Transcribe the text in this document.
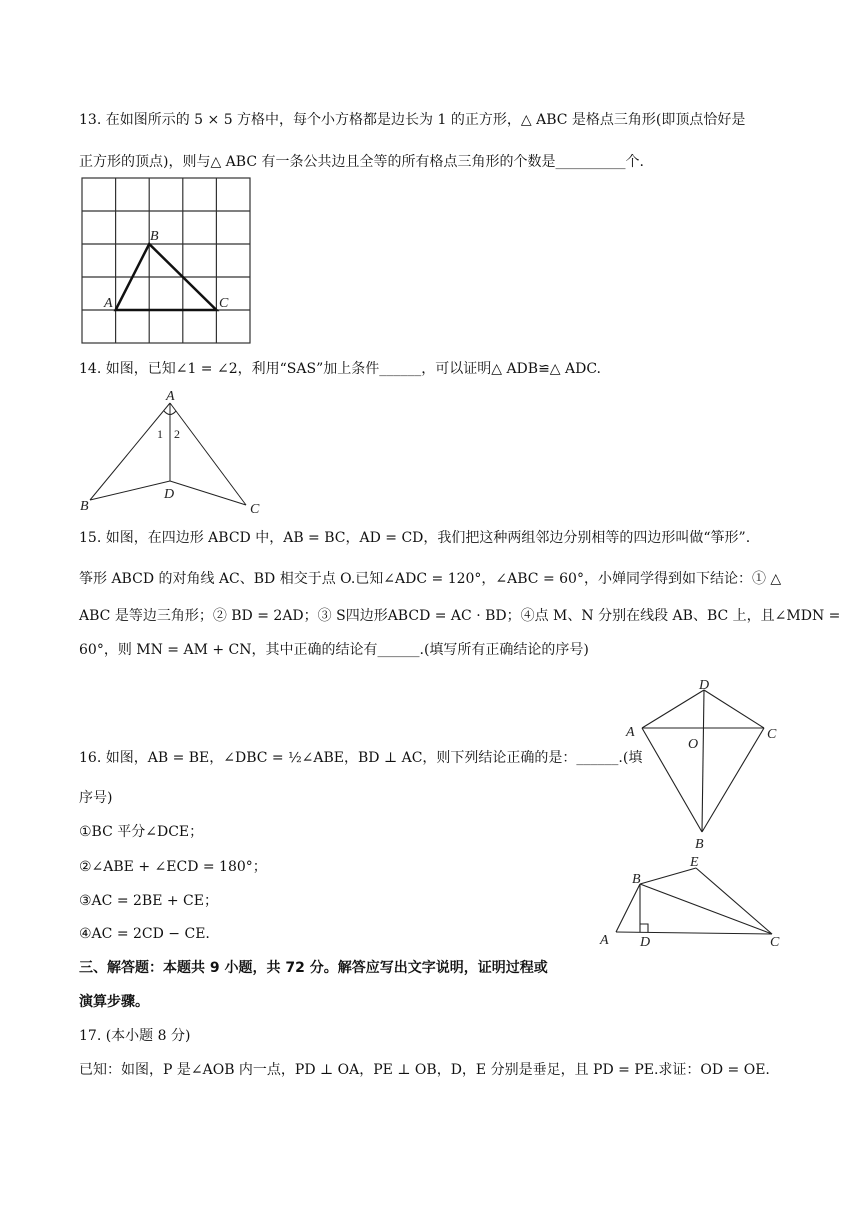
13. 在如图所示的 5 × 5 方格中，每个小方格都是边长为 1 的正方形，△ ABC 是格点三角形(即顶点恰好是
正方形的顶点)，则与△ ABC 有一条公共边且全等的所有格点三角形的个数是__________个.
A
B
C
14. 如图，已知∠1 = ∠2，利用“SAS”加上条件______，可以证明△ ADB≌△ ADC.
A
B	C
D
1 2
15. 如图，在四边形 ABCD 中，AB = BC，AD = CD，我们把这种两组邻边分别相等的四边形叫做“筝形”.
筝形 ABCD 的对角线 AC、BD 相交于点 O.已知∠ADC = 120°，∠ABC = 60°，小婵同学得到如下结论：① △
ABC 是等边三角形；② BD = 2AD；③ S四边形ABCD = AC · BD；④点 M、N 分别在线段 AB、BC 上，且∠MDN =
60°，则 MN = AM + CN，其中正确的结论有______.(填写所有正确结论的序号)
D
A	C
O
B
16. 如图，AB = BE，∠DBC = ½∠ABE，BD ⊥ AC，则下列结论正确的是：______.(填
序号)
①BC 平分∠DCE；
②∠ABE + ∠ECD = 180°；
③AC = 2BE + CE；
④AC = 2CD − CE.
E
B
A D	C
三、解答题：本题共 9 小题，共 72 分。解答应写出文字说明，证明过程或
演算步骤。
17. (本小题 8 分)
已知：如图，P 是∠AOB 内一点，PD ⊥ OA，PE ⊥ OB，D，E 分别是垂足，且 PD = PE.求证：OD = OE.
